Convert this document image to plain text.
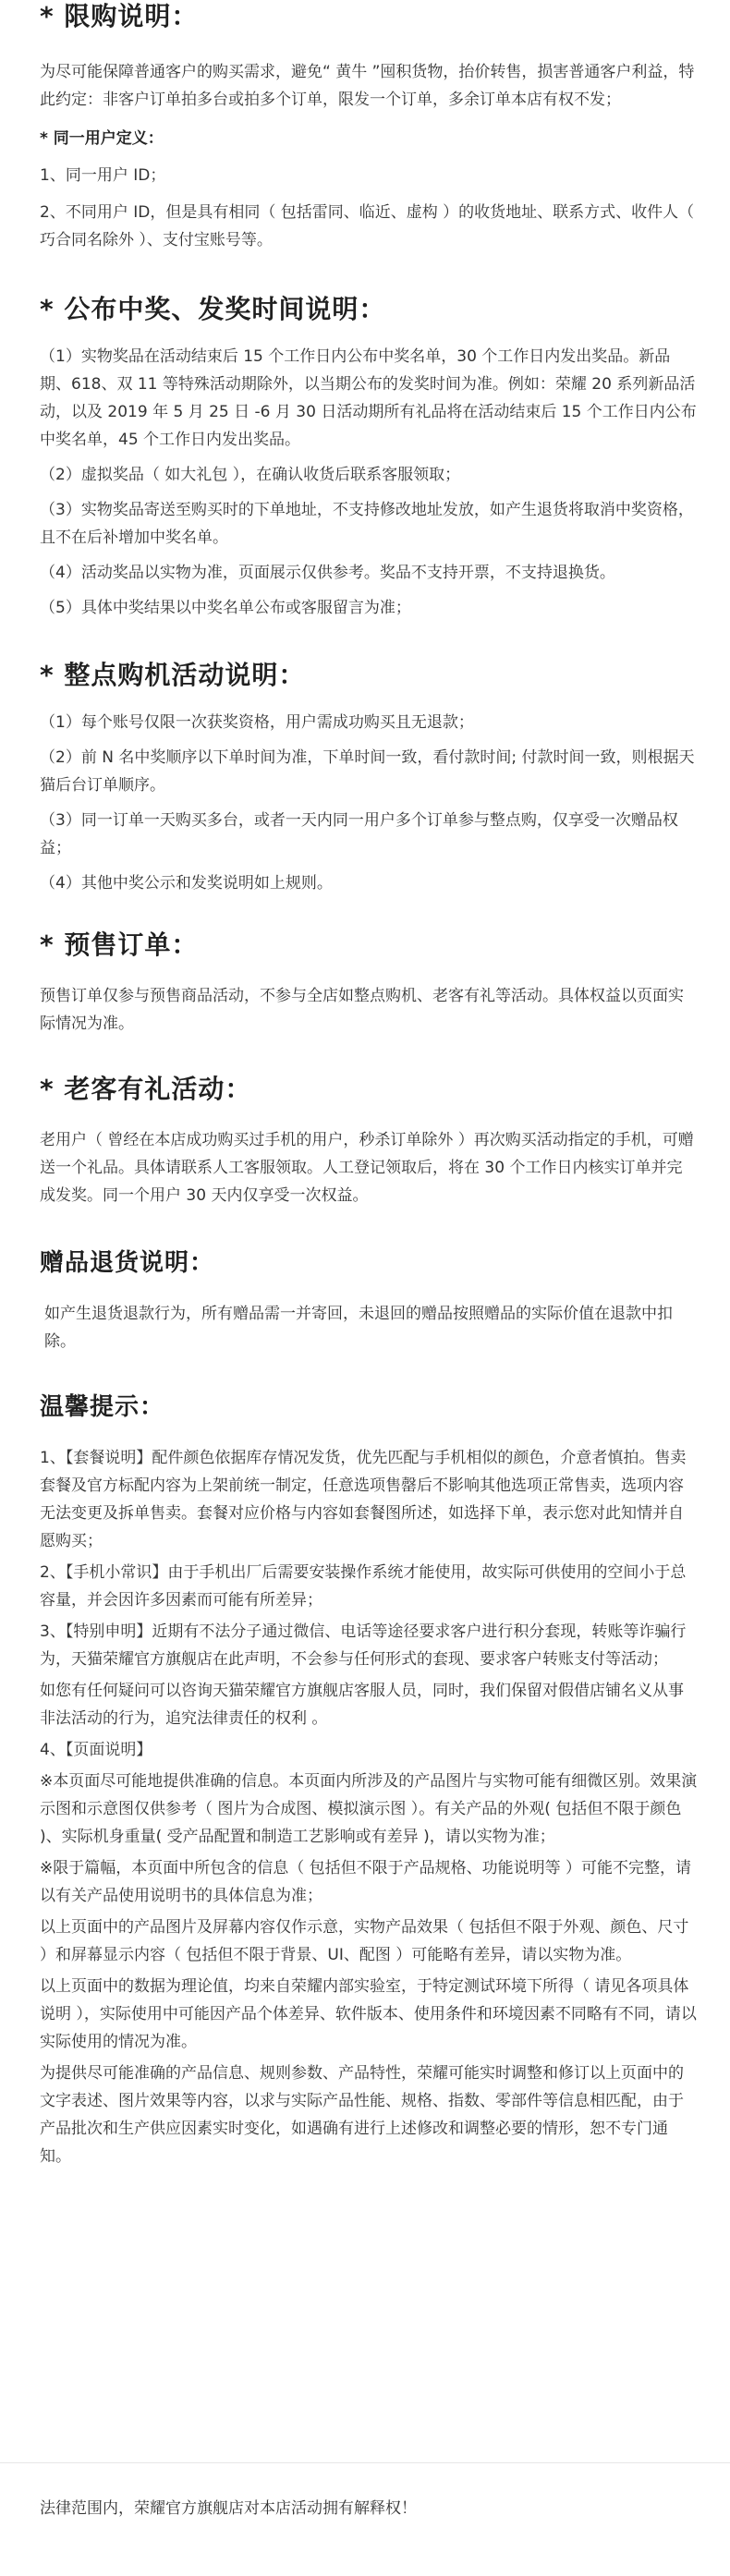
* 限购说明：

为尽可能保障普通客户的购买需求，避免“ 黄牛 ”囤积货物，抬价转售，损害普通客户利益，特此约定：非客户订单拍多台或拍多个订单，限发一个订单，多余订单本店有权不发；

* 同一用户定义：

1、同一用户 ID；

2、不同用户 ID，但是具有相同（ 包括雷同、临近、虚构 ）的收货地址、联系方式、收件人（ 巧合同名除外 ）、支付宝账号等。

* 公布中奖、发奖时间说明：

（1）实物奖品在活动结束后 15 个工作日内公布中奖名单，30 个工作日内发出奖品。新品期、618、双 11 等特殊活动期除外，以当期公布的发奖时间为准。例如：荣耀 20 系列新品活动，以及 2019 年 5 月 25 日 -6 月 30 日活动期所有礼品将在活动结束后 15 个工作日内公布中奖名单，45 个工作日内发出奖品。

（2）虚拟奖品（ 如大礼包 ），在确认收货后联系客服领取；

（3）实物奖品寄送至购买时的下单地址，不支持修改地址发放，如产生退货将取消中奖资格，且不在后补增加中奖名单。

（4）活动奖品以实物为准，页面展示仅供参考。奖品不支持开票，不支持退换货。

（5）具体中奖结果以中奖名单公布或客服留言为准；

* 整点购机活动说明：

（1）每个账号仅限一次获奖资格，用户需成功购买且无退款；

（2）前 N 名中奖顺序以下单时间为准，下单时间一致，看付款时间; 付款时间一致，则根据天猫后台订单顺序。

（3）同一订单一天购买多台，或者一天内同一用户多个订单参与整点购，仅享受一次赠品权益；

（4）其他中奖公示和发奖说明如上规则。

* 预售订单：

预售订单仅参与预售商品活动，不参与全店如整点购机、老客有礼等活动。具体权益以页面实际情况为准。

* 老客有礼活动：

老用户（ 曾经在本店成功购买过手机的用户，秒杀订单除外 ）再次购买活动指定的手机，可赠送一个礼品。具体请联系人工客服领取。人工登记领取后，将在 30 个工作日内核实订单并完成发奖。同一个用户 30 天内仅享受一次权益。

赠品退货说明：

如产生退货退款行为，所有赠品需一并寄回，未退回的赠品按照赠品的实际价值在退款中扣除。

温馨提示：

1、【套餐说明】配件颜色依据库存情况发货，优先匹配与手机相似的颜色，介意者慎拍。售卖套餐及官方标配内容为上架前统一制定，任意选项售罄后不影响其他选项正常售卖，选项内容无法变更及拆单售卖。套餐对应价格与内容如套餐图所述，如选择下单，表示您对此知情并自愿购买；

2、【手机小常识】由于手机出厂后需要安装操作系统才能使用，故实际可供使用的空间小于总容量，并会因许多因素而可能有所差异；

3、【特别申明】近期有不法分子通过微信、电话等途径要求客户进行积分套现，转账等诈骗行为，天猫荣耀官方旗舰店在此声明，不会参与任何形式的套现、要求客户转账支付等活动；

如您有任何疑问可以咨询天猫荣耀官方旗舰店客服人员，同时，我们保留对假借店铺名义从事非法活动的行为，追究法律责任的权利 。

4、【页面说明】

※本页面尽可能地提供准确的信息。本页面内所涉及的产品图片与实物可能有细微区别。效果演示图和示意图仅供参考（ 图片为合成图、模拟演示图 ）。有关产品的外观( 包括但不限于颜色 )、实际机身重量( 受产品配置和制造工艺影响或有差异 )，请以实物为准；

※限于篇幅，本页面中所包含的信息（ 包括但不限于产品规格、功能说明等 ）可能不完整，请以有关产品使用说明书的具体信息为准；

以上页面中的产品图片及屏幕内容仅作示意，实物产品效果（ 包括但不限于外观、颜色、尺寸 ）和屏幕显示内容（ 包括但不限于背景、UI、配图 ）可能略有差异，请以实物为准。

以上页面中的数据为理论值，均来自荣耀内部实验室，于特定测试环境下所得（ 请见各项具体说明 ），实际使用中可能因产品个体差异、软件版本、使用条件和环境因素不同略有不同，请以实际使用的情况为准。

为提供尽可能准确的产品信息、规则参数、产品特性，荣耀可能实时调整和修订以上页面中的文字表述、图片效果等内容，以求与实际产品性能、规格、指数、零部件等信息相匹配，由于产品批次和生产供应因素实时变化，如遇确有进行上述修改和调整必要的情形，恕不专门通知。

法律范围内，荣耀官方旗舰店对本店活动拥有解释权！
